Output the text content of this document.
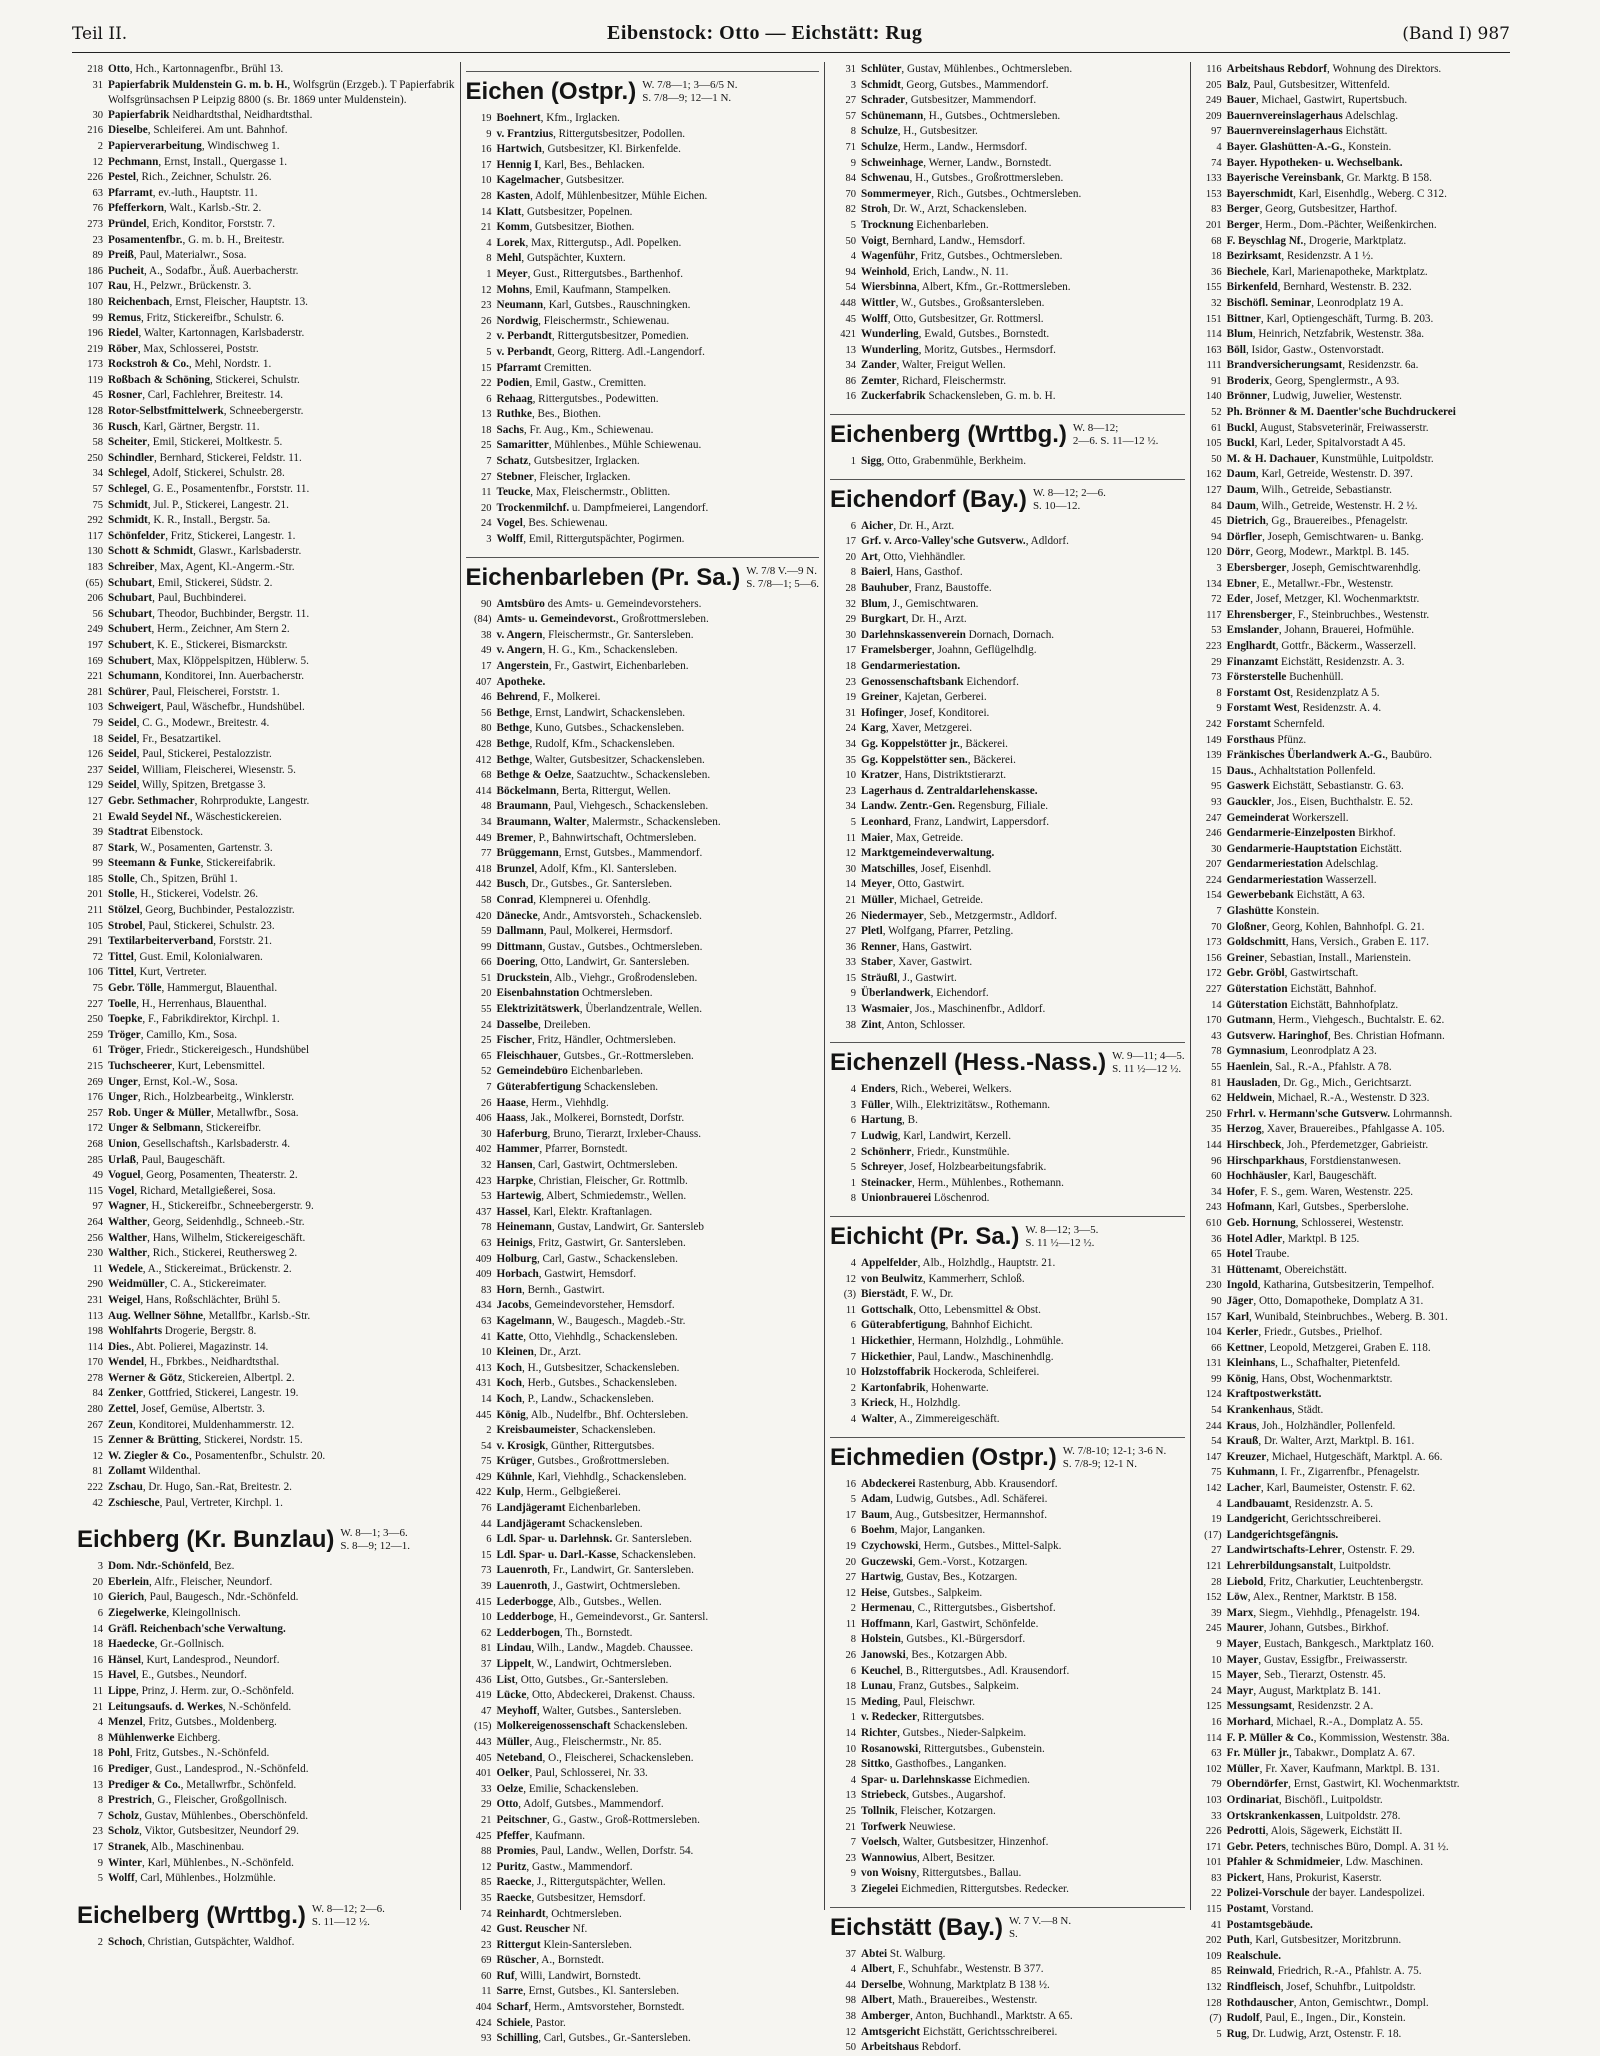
Teil II.	Eibenstock: Otto — Eichstätt: Rug	(Band I) 987
218 Otto, Hch., Kartonnagenfbr., Brühl 13.
31 Papierfabrik Muldenstein G. m. b. H., Wolfsgrün (Erzgeb.). T Papierfabrik
Wolfsgrünsachsen P Leipzig 8800 (s. Br. 1869 unter Muldenstein).
30 Papierfabrik Neidhardtsthal, Neidhardtsthal.
216 Dieselbe, Schleiferei. Am unt. Bahnhof.
2 Papierverarbeitung, Windischweg 1.
12 Pechmann, Ernst, Install., Quergasse 1.
226 Pestel, Rich., Zeichner, Schulstr. 26.
63 Pfarramt, ev.-luth., Hauptstr. 11.
76 Pfefferkorn, Walt., Karlsb.-Str. 2.
273 Pründel, Erich, Konditor, Forststr. 7.
23 Posamentenfbr., G. m. b. H., Breitestr.
89 Preiß, Paul, Materialwr., Sosa.
186 Pucheit, A., Sodafbr., Äuß. Auerbacherstr.
107 Rau, H., Pelzwr., Brückenstr. 3.
180 Reichenbach, Ernst, Fleischer, Hauptstr. 13.
99 Remus, Fritz, Stickereifbr., Schulstr. 6.
196 Riedel, Walter, Kartonnagen, Karlsbaderstr.
219 Röber, Max, Schlosserei, Poststr.
173 Rockstroh & Co., Mehl, Nordstr. 1.
119 Roßbach & Schöning, Stickerei, Schulstr.
45 Rosner, Carl, Fachlehrer, Breitestr. 14.
128 Rotor-Selbstfmittelwerk, Schneebergerstr.
36 Rusch, Karl, Gärtner, Bergstr. 11.
58 Scheiter, Emil, Stickerei, Moltkestr. 5.
250 Schindler, Bernhard, Stickerei, Feldstr. 11.
34 Schlegel, Adolf, Stickerei, Schulstr. 28.
57 Schlegel, G. E., Posamentenfbr., Forststr. 11.
75 Schmidt, Jul. P., Stickerei, Langestr. 21.
292 Schmidt, K. R., Install., Bergstr. 5a.
117 Schönfelder, Fritz, Stickerei, Langestr. 1.
130 Schott & Schmidt, Glaswr., Karlsbaderstr.
183 Schreiber, Max, Agent, Kl.-Angerm.-Str.
(65) Schubart, Emil, Stickerei, Südstr. 2.
206 Schubart, Paul, Buchbinderei.
56 Schubart, Theodor, Buchbinder, Bergstr. 11.
249 Schubert, Herm., Zeichner, Am Stern 2.
197 Schubert, K. E., Stickerei, Bismarckstr.
169 Schubert, Max, Klöppelspitzen, Hüblerw. 5.
221 Schumann, Konditorei, Inn. Auerbacherstr.
281 Schürer, Paul, Fleischerei, Forststr. 1.
103 Schweigert, Paul, Wäschefbr., Hundshübel.
79 Seidel, C. G., Modewr., Breitestr. 4.
18 Seidel, Fr., Besatzartikel.
126 Seidel, Paul, Stickerei, Pestalozzistr.
237 Seidel, William, Fleischerei, Wiesenstr. 5.
129 Seidel, Willy, Spitzen, Bretgasse 3.
127 Gebr. Sethmacher, Rohrprodukte, Langestr.
21 Ewald Seydel Nf., Wäschestickereien.
39 Stadtrat Eibenstock.
87 Stark, W., Posamenten, Gartenstr. 3.
99 Steemann & Funke, Stickereifabrik.
185 Stolle, Ch., Spitzen, Brühl 1.
201 Stolle, H., Stickerei, Vodelstr. 26.
211 Stölzel, Georg, Buchbinder, Pestalozzistr.
105 Strobel, Paul, Stickerei, Schulstr. 23.
291 Textilarbeiterverband, Forststr. 21.
72 Tittel, Gust. Emil, Kolonialwaren.
106 Tittel, Kurt, Vertreter.
75 Gebr. Tölle, Hammergut, Blauenthal.
227 Toelle, H., Herrenhaus, Blauenthal.
250 Toepke, F., Fabrikdirektor, Kirchpl. 1.
259 Tröger, Camillo, Km., Sosa.
61 Tröger, Friedr., Stickereigesch., Hundshübel
215 Tuchscheerer, Kurt, Lebensmittel.
269 Unger, Ernst, Kol.-W., Sosa.
176 Unger, Rich., Holzbearbeitg., Winklerstr.
257 Rob. Unger & Müller, Metallwfbr., Sosa.
172 Unger & Selbmann, Stickereifbr.
268 Union, Gesellschaftsh., Karlsbaderstr. 4.
285 Urlaß, Paul, Baugeschäft.
49 Voguel, Georg, Posamenten, Theaterstr. 2.
115 Vogel, Richard, Metallgießerei, Sosa.
97 Wagner, H., Stickereifbr., Schneebergerstr. 9.
264 Walther, Georg, Seidenhdlg., Schneeb.-Str.
256 Walther, Hans, Wilhelm, Stickereigeschäft.
230 Walther, Rich., Stickerei, Reuthersweg 2.
11 Wedele, A., Stickereimat., Brückenstr. 2.
290 Weidmüller, C. A., Stickereimater.
231 Weigel, Hans, Roßschlächter, Brühl 5.
113 Aug. Wellner Söhne, Metallfbr., Karlsb.-Str.
198 Wohlfahrts Drogerie, Bergstr. 8.
114 Dies., Abt. Polierei, Magazinstr. 14.
170 Wendel, H., Fbrkbes., Neidhardtsthal.
278 Werner & Götz, Stickereien, Albertpl. 2.
84 Zenker, Gottfried, Stickerei, Langestr. 19.
280 Zettel, Josef, Gemüse, Albertstr. 3.
267 Zeun, Konditorei, Muldenhammerstr. 12.
15 Zenner & Brütting, Stickerei, Nordstr. 15.
12 W. Ziegler & Co., Posamentenfbr., Schulstr. 20.
81 Zollamt Wildenthal.
222 Zschau, Dr. Hugo, San.-Rat, Breitestr. 2.
42 Zschiesche, Paul, Vertreter, Kirchpl. 1.
Eichberg (Kr. Bunzlau) W. 8—1; 3—6.
S. 8—9; 12—1.
3 Dom. Ndr.-Schönfeld, Bez.
20 Eberlein, Alfr., Fleischer, Neundorf.
10 Gierich, Paul, Baugesch., Ndr.-Schönfeld.
6 Ziegelwerke, Kleingollnisch.
14 Gräfl. Reichenbach'sche Verwaltung.
18 Haedecke, Gr.-Gollnisch.
16 Hänsel, Kurt, Landesprod., Neundorf.
15 Havel, E., Gutsbes., Neundorf.
11 Lippe, Prinz, J. Herm. zur, O.-Schönfeld.
21 Leitungsaufs. d. Werkes, N.-Schönfeld.
4 Menzel, Fritz, Gutsbes., Moldenberg.
8 Mühlenwerke Eichberg.
18 Pohl, Fritz, Gutsbes., N.-Schönfeld.
16 Prediger, Gust., Landesprod., N.-Schönfeld.
13 Prediger & Co., Metallwrfbr., Schönfeld.
8 Prestrich, G., Fleischer, Großgollnisch.
7 Scholz, Gustav, Mühlenbes., Oberschönfeld.
23 Scholz, Viktor, Gutsbesitzer, Neundorf 29.
17 Stranek, Alb., Maschinenbau.
9 Winter, Karl, Mühlenbes., N.-Schönfeld.
5 Wolff, Carl, Mühlenbes., Holzmühle.
Eichelberg (Wrttbg.) W. 8—12; 2—6.
S. 11—12 ½.
2 Schoch, Christian, Gutspächter, Waldhof.
Eichen (Ostpr.) W. 7/8—1; 3—6/5 N.
S. 7/8—9; 12—1 N.
19 Boehnert, Kfm., Irglacken.
9 v. Frantzius, Rittergutsbesitzer, Podollen.
16 Hartwich, Gutsbesitzer, Kl. Birkenfelde.
17 Hennig I, Karl, Bes., Behlacken.
10 Kagelmacher, Gutsbesitzer.
28 Kasten, Adolf, Mühlenbesitzer, Mühle Eichen.
14 Klatt, Gutsbesitzer, Popelnen.
21 Komm, Gutsbesitzer, Biothen.
4 Lorek, Max, Rittergutsp., Adl. Popelken.
8 Mehl, Gutspächter, Kuxtern.
1 Meyer, Gust., Rittergutsbes., Barthenhof.
12 Mohns, Emil, Kaufmann, Stampelken.
23 Neumann, Karl, Gutsbes., Rauschningken.
26 Nordwig, Fleischermstr., Schiewenau.
2 v. Perbandt, Rittergutsbesitzer, Pomedien.
5 v. Perbandt, Georg, Ritterg. Adl.-Langendorf.
15 Pfarramt Cremitten.
22 Podien, Emil, Gastw., Cremitten.
6 Rehaag, Rittergutsbes., Podewitten.
13 Ruthke, Bes., Biothen.
18 Sachs, Fr. Aug., Km., Schiewenau.
25 Samaritter, Mühlenbes., Mühle Schiewenau.
7 Schatz, Gutsbesitzer, Irglacken.
27 Stebner, Fleischer, Irglacken.
11 Teucke, Max, Fleischermstr., Oblitten.
20 Trockenmilchf. u. Dampfmeierei, Langendorf.
24 Vogel, Bes. Schiewenau.
3 Wolff, Emil, Rittergutspächter, Pogirmen.
Eichenbarleben (Pr. Sa.) W. 7/8 V.—9 N.
S. 7/8—1; 5—6.
90 Amtsbüro des Amts- u. Gemeindevorstehers.
(84) Amts- u. Gemeindevorst., Großrottmersleben.
38 v. Angern, Fleischermstr., Gr. Santersleben.
49 v. Angern, H. G., Km., Schackensleben.
17 Angerstein, Fr., Gastwirt, Eichenbarleben.
407 Apotheke.
46 Behrend, F., Molkerei.
56 Bethge, Ernst, Landwirt, Schackensleben.
80 Bethge, Kuno, Gutsbes., Schackensleben.
428 Bethge, Rudolf, Kfm., Schackensleben.
412 Bethge, Walter, Gutsbesitzer, Schackensleben.
68 Bethge & Oelze, Saatzuchtw., Schackensleben.
414 Böckelmann, Berta, Rittergut, Wellen.
48 Braumann, Paul, Viehgesch., Schackensleben.
34 Braumann, Walter, Malermstr., Schackensleben.
449 Bremer, P., Bahnwirtschaft, Ochtmersleben.
77 Brüggemann, Ernst, Gutsbes., Mammendorf.
418 Brunzel, Adolf, Kfm., Kl. Santersleben.
442 Busch, Dr., Gutsbes., Gr. Santersleben.
58 Conrad, Klempnerei u. Ofenhdlg.
420 Dänecke, Andr., Amtsvorsteh., Schackensleb.
59 Dallmann, Paul, Molkerei, Hermsdorf.
99 Dittmann, Gustav., Gutsbes., Ochtmersleben.
66 Doering, Otto, Landwirt, Gr. Santersleben.
51 Druckstein, Alb., Viehgr., Großrodensleben.
20 Eisenbahnstation Ochtmersleben.
55 Elektrizitätswerk, Überlandzentrale, Wellen.
24 Dasselbe, Dreileben.
25 Fischer, Fritz, Händler, Ochtmersleben.
65 Fleischhauer, Gutsbes., Gr.-Rottmersleben.
52 Gemeindebüro Eichenbarleben.
7 Güterabfertigung Schackensleben.
26 Haase, Herm., Viehhdlg.
406 Haass, Jak., Molkerei, Bornstedt, Dorfstr.
30 Haferburg, Bruno, Tierarzt, Irxleber-Chauss.
402 Hammer, Pfarrer, Bornstedt.
32 Hansen, Carl, Gastwirt, Ochtmersleben.
423 Harpke, Christian, Fleischer, Gr. Rottmlb.
53 Hartewig, Albert, Schmiedemstr., Wellen.
437 Hassel, Karl, Elektr. Kraftanlagen.
78 Heinemann, Gustav, Landwirt, Gr. Santersleb
63 Heinigs, Fritz, Gastwirt, Gr. Santersleben.
409 Holburg, Carl, Gastw., Schackensleben.
409 Horbach, Gastwirt, Hemsdorf.
83 Horn, Bernh., Gastwirt.
434 Jacobs, Gemeindevorsteher, Hemsdorf.
63 Kagelmann, W., Baugesch., Magdeb.-Str.
41 Katte, Otto, Viehhdlg., Schackensleben.
10 Kleinen, Dr., Arzt.
413 Koch, H., Gutsbesitzer, Schackensleben.
431 Koch, Herb., Gutsbes., Schackensleben.
14 Koch, P., Landw., Schackensleben.
445 König, Alb., Nudelfbr., Bhf. Ochtersleben.
2 Kreisbaumeister, Schackensleben.
54 v. Krosigk, Günther, Rittergutsbes.
75 Krüger, Gutsbes., Großrottmersleben.
429 Kühnle, Karl, Viehhdlg., Schackensleben.
422 Kulp, Herm., Gelbgießerei.
76 Landjägeramt Eichenbarleben.
44 Landjägeramt Schackensleben.
6 Ldl. Spar- u. Darlehnsk. Gr. Santersleben.
15 Ldl. Spar- u. Darl.-Kasse, Schackensleben.
73 Lauenroth, Fr., Landwirt, Gr. Santersleben.
39 Lauenroth, J., Gastwirt, Ochtmersleben.
415 Lederbogge, Alb., Gutsbes., Wellen.
10 Ledderboge, H., Gemeindevorst., Gr. Santersl.
62 Ledderbogen, Th., Bornstedt.
81 Lindau, Wilh., Landw., Magdeb. Chaussee.
37 Lippelt, W., Landwirt, Ochtmersleben.
436 List, Otto, Gutsbes., Gr.-Santersleben.
419 Lücke, Otto, Abdeckerei, Drakenst. Chauss.
47 Meyhoff, Walter, Gutsbes., Santersleben.
(15) Molkereigenossenschaft Schackensleben.
443 Müller, Aug., Fleischermstr., Nr. 85.
405 Neteband, O., Fleischerei, Schackensleben.
401 Oelker, Paul, Schlosserei, Nr. 33.
33 Oelze, Emilie, Schackensleben.
29 Otto, Adolf, Gutsbes., Mammendorf.
21 Peitschner, G., Gastw., Groß-Rottmersleben.
425 Pfeffer, Kaufmann.
88 Promies, Paul, Landw., Wellen, Dorfstr. 54.
12 Puritz, Gastw., Mammendorf.
85 Raecke, J., Rittergutspächter, Wellen.
35 Raecke, Gutsbesitzer, Hemsdorf.
74 Reinhardt, Ochtmersleben.
42 Gust. Reuscher Nf.
23 Rittergut Klein-Santersleben.
69 Rüscher, A., Bornstedt.
60 Ruf, Willi, Landwirt, Bornstedt.
11 Sarre, Ernst, Gutsbes., Kl. Santersleben.
404 Scharf, Herm., Amtsvorsteher, Bornstedt.
424 Schiele, Pastor.
93 Schilling, Carl, Gutsbes., Gr.-Santersleben.
31 Schlüter, Gustav, Mühlenbes., Ochtmersleben.
3 Schmidt, Georg, Gutsbes., Mammendorf.
27 Schrader, Gutsbesitzer, Mammendorf.
57 Schünemann, H., Gutsbes., Ochtmersleben.
8 Schulze, H., Gutsbesitzer.
71 Schulze, Herm., Landw., Hermsdorf.
9 Schweinhage, Werner, Landw., Bornstedt.
84 Schwenau, H., Gutsbes., Großrottmersleben.
70 Sommermeyer, Rich., Gutsbes., Ochtmersleben.
82 Stroh, Dr. W., Arzt, Schackensleben.
5 Trocknung Eichenbarleben.
50 Voigt, Bernhard, Landw., Hemsdorf.
4 Wagenführ, Fritz, Gutsbes., Ochtmersleben.
94 Weinhold, Erich, Landw., N. 11.
54 Wiersbinna, Albert, Kfm., Gr.-Rottmersleben.
448 Wittler, W., Gutsbes., Großsantersleben.
45 Wolff, Otto, Gutsbesitzer, Gr. Rottmersl.
421 Wunderling, Ewald, Gutsbes., Bornstedt.
13 Wunderling, Moritz, Gutsbes., Hermsdorf.
34 Zander, Walter, Freigut Wellen.
86 Zemter, Richard, Fleischermstr.
16 Zuckerfabrik Schackensleben, G. m. b. H.
Eichenberg (Wrttbg.) W. 8—12;
2—6. S. 11—12 ½.
1 Sigg, Otto, Grabenmühle, Berkheim.
Eichendorf (Bay.) W. 8—12; 2—6.
S. 10—12.
6 Aicher, Dr. H., Arzt.
17 Grf. v. Arco-Valley'sche Gutsverw., Adldorf.
20 Art, Otto, Viehhändler.
8 Baierl, Hans, Gasthof.
28 Bauhuber, Franz, Baustoffe.
32 Blum, J., Gemischtwaren.
29 Burgkart, Dr. H., Arzt.
30 Darlehnskassenverein Dornach, Dornach.
17 Framelsberger, Joahnn, Geflügelhdlg.
18 Gendarmeriestation.
23 Genossenschaftsbank Eichendorf.
19 Greiner, Kajetan, Gerberei.
31 Hofinger, Josef, Konditorei.
24 Karg, Xaver, Metzgerei.
34 Gg. Koppelstötter jr., Bäckerei.
35 Gg. Koppelstötter sen., Bäckerei.
10 Kratzer, Hans, Distriktstierarzt.
23 Lagerhaus d. Zentraldarlehenskasse.
34 Landw. Zentr.-Gen. Regensburg, Filiale.
5 Leonhard, Franz, Landwirt, Lappersdorf.
11 Maier, Max, Getreide.
12 Marktgemeindeverwaltung.
30 Matschilles, Josef, Eisenhdl.
14 Meyer, Otto, Gastwirt.
21 Müller, Michael, Getreide.
26 Niedermayer, Seb., Metzgermstr., Adldorf.
27 Pletl, Wolfgang, Pfarrer, Petzling.
36 Renner, Hans, Gastwirt.
33 Staber, Xaver, Gastwirt.
15 Sträußl, J., Gastwirt.
9 Überlandwerk, Eichendorf.
13 Wasmaier, Jos., Maschinenfbr., Adldorf.
38 Zint, Anton, Schlosser.
Eichenzell (Hess.-Nass.) W. 9—11; 4—5.
S. 11 ½—12 ½.
4 Enders, Rich., Weberei, Welkers.
3 Füller, Wilh., Elektrizitätsw., Rothemann.
6 Hartung, B.
7 Ludwig, Karl, Landwirt, Kerzell.
2 Schönherr, Friedr., Kunstmühle.
5 Schreyer, Josef, Holzbearbeitungsfabrik.
1 Steinacker, Herm., Mühlenbes., Rothemann.
8 Unionbrauerei Löschenrod.
Eichicht (Pr. Sa.) W. 8—12; 3—5.
S. 11 ½—12 ½.
4 Appelfelder, Alb., Holzhdlg., Hauptstr. 21.
12 von Beulwitz, Kammerherr, Schloß.
(3) Bierstädt, F. W., Dr.
11 Gottschalk, Otto, Lebensmittel & Obst.
6 Güterabfertigung, Bahnhof Eichicht.
1 Hickethier, Hermann, Holzhdlg., Lohmühle.
7 Hickethier, Paul, Landw., Maschinenhdlg.
10 Holzstoffabrik Hockeroda, Schleiferei.
2 Kartonfabrik, Hohenwarte.
3 Krieck, H., Holzhdlg.
4 Walter, A., Zimmereigeschäft.
Eichmedien (Ostpr.) W. 7/8-10; 12-1; 3-6 N.
S. 7/8-9; 12-1 N.
16 Abdeckerei Rastenburg, Abb. Krausendorf.
5 Adam, Ludwig, Gutsbes., Adl. Schäferei.
17 Baum, Aug., Gutsbesitzer, Hermannshof.
6 Boehm, Major, Langanken.
19 Czychowski, Herm., Gutsbes., Mittel-Salpk.
20 Guczewski, Gem.-Vorst., Kotzargen.
27 Hartwig, Gustav, Bes., Kotzargen.
12 Heise, Gutsbes., Salpkeim.
2 Hermenau, C., Rittergutsbes., Gisbertshof.
11 Hoffmann, Karl, Gastwirt, Schönfelde.
8 Holstein, Gutsbes., Kl.-Bürgersdorf.
26 Janowski, Bes., Kotzargen Abb.
6 Keuchel, B., Rittergutsbes., Adl. Krausendorf.
18 Lunau, Franz, Gutsbes., Salpkeim.
15 Meding, Paul, Fleischwr.
1 v. Redecker, Rittergutsbes.
14 Richter, Gutsbes., Nieder-Salpkeim.
10 Rosanowski, Rittergutsbes., Gubenstein.
28 Sittko, Gasthofbes., Langanken.
4 Spar- u. Darlehnskasse Eichmedien.
13 Striebeck, Gutsbes., Augarshof.
25 Tollnik, Fleischer, Kotzargen.
21 Torfwerk Neuwiese.
7 Voelsch, Walter, Gutsbesitzer, Hinzenhof.
23 Wannowius, Albert, Besitzer.
9 von Woisny, Rittergutsbes., Ballau.
3 Ziegelei Eichmedien, Rittergutsbes. Redecker.
Eichstätt (Bay.) W. 7 V.—8 N.
S.
37 Abtei St. Walburg.
4 Albert, F., Schuhfabr., Westenstr. B 377.
44 Derselbe, Wohnung, Marktplatz B 138 ½.
98 Albert, Math., Brauereibes., Westenstr.
38 Amberger, Anton, Buchhandl., Marktstr. A 65.
12 Amtsgericht Eichstätt, Gerichtsschreiberei.
50 Arbeitshaus Rebdorf.
116 Arbeitshaus Rebdorf, Wohnung des Direktors.
205 Balz, Paul, Gutsbesitzer, Wittenfeld.
249 Bauer, Michael, Gastwirt, Rupertsbuch.
209 Bauernvereinslagerhaus Adelschlag.
97 Bauernvereinslagerhaus Eichstätt.
4 Bayer. Glashütten-A.-G., Konstein.
74 Bayer. Hypotheken- u. Wechselbank.
133 Bayerische Vereinsbank, Gr. Marktg. B 158.
153 Bayerschmidt, Karl, Eisenhdlg., Weberg. C 312.
83 Berger, Georg, Gutsbesitzer, Harthof.
201 Berger, Herm., Dom.-Pächter, Weißenkirchen.
68 F. Beyschlag Nf., Drogerie, Marktplatz.
18 Bezirksamt, Residenzstr. A 1 ½.
36 Biechele, Karl, Marienapotheke, Marktplatz.
155 Birkenfeld, Bernhard, Westenstr. B. 232.
32 Bischöfl. Seminar, Leonrodplatz 19 A.
151 Bittner, Karl, Optiengeschäft, Turmg. B. 203.
114 Blum, Heinrich, Netzfabrik, Westenstr. 38a.
163 Böll, Isidor, Gastw., Ostenvorstadt.
111 Brandversicherungsamt, Residenzstr. 6a.
91 Broderix, Georg, Spenglermstr., A 93.
140 Brönner, Ludwig, Juwelier, Westenstr.
52 Ph. Brönner & M. Daentler'sche Buchdruckerei
61 Buckl, August, Stabsveterinär, Freiwasserstr.
105 Buckl, Karl, Leder, Spitalvorstadt A 45.
50 M. & H. Dachauer, Kunstmühle, Luitpoldstr.
162 Daum, Karl, Getreide, Westenstr. D. 397.
127 Daum, Wilh., Getreide, Sebastianstr.
84 Daum, Wilh., Getreide, Westenstr. H. 2 ½.
45 Dietrich, Gg., Brauereibes., Pfenagelstr.
94 Dörfler, Joseph, Gemischtwaren- u. Bankg.
120 Dörr, Georg, Modewr., Marktpl. B. 145.
3 Ebersberger, Joseph, Gemischtwarenhdlg.
134 Ebner, E., Metallwr.-Fbr., Westenstr.
72 Eder, Josef, Metzger, Kl. Wochenmarktstr.
117 Ehrensberger, F., Steinbruchbes., Westenstr.
53 Emslander, Johann, Brauerei, Hofmühle.
223 Englhardt, Gottfr., Bäckerm., Wasserzell.
29 Finanzamt Eichstätt, Residenzstr. A. 3.
73 Försterstelle Buchenhüll.
8 Forstamt Ost, Residenzplatz A 5.
9 Forstamt West, Residenzstr. A. 4.
242 Forstamt Schernfeld.
149 Forsthaus Pfünz.
139 Fränkisches Überlandwerk A.-G., Baubüro.
15 Daus., Achhaltstation Pollenfeld.
95 Gaswerk Eichstätt, Sebastianstr. G. 63.
93 Gauckler, Jos., Eisen, Buchthalstr. E. 52.
247 Gemeinderat Workerszell.
246 Gendarmerie-Einzelposten Birkhof.
30 Gendarmerie-Hauptstation Eichstätt.
207 Gendarmeriestation Adelschlag.
224 Gendarmeriestation Wasserzell.
154 Gewerbebank Eichstätt, A 63.
7 Glashütte Konstein.
70 Gloßner, Georg, Kohlen, Bahnhofpl. G. 21.
173 Goldschmitt, Hans, Versich., Graben E. 117.
156 Greiner, Sebastian, Install., Marienstein.
172 Gebr. Gröbl, Gastwirtschaft.
227 Güterstation Eichstätt, Bahnhof.
14 Güterstation Eichstätt, Bahnhofplatz.
170 Gutmann, Herm., Viehgesch., Buchtalstr. E. 62.
43 Gutsverw. Haringhof, Bes. Christian Hofmann.
78 Gymnasium, Leonrodplatz A 23.
55 Haenlein, Sal., R.-A., Pfahlstr. A 78.
81 Hausladen, Dr. Gg., Mich., Gerichtsarzt.
62 Heldwein, Michael, R.-A., Westenstr. D 323.
250 Frhrl. v. Hermann'sche Gutsverw. Lohrmannsh.
35 Herzog, Xaver, Brauereibes., Pfahlgasse A. 105.
144 Hirschbeck, Joh., Pferdemetzger, Gabrieistr.
96 Hirschparkhaus, Forstdienstanwesen.
60 Hochhäusler, Karl, Baugeschäft.
34 Hofer, F. S., gem. Waren, Westenstr. 225.
243 Hofmann, Karl, Gutsbes., Sperberslohe.
610 Geb. Hornung, Schlosserei, Westenstr.
36 Hotel Adler, Marktpl. B 125.
65 Hotel Traube.
31 Hüttenamt, Obereichstätt.
230 Ingold, Katharina, Gutsbesitzerin, Tempelhof.
90 Jäger, Otto, Domapotheke, Domplatz A 31.
157 Karl, Wunibald, Steinbruchbes., Weberg. B. 301.
104 Kerler, Friedr., Gutsbes., Prielhof.
66 Kettner, Leopold, Metzgerei, Graben E. 118.
131 Kleinhans, L., Schafhalter, Pietenfeld.
99 König, Hans, Obst, Wochenmarktstr.
124 Kraftpostwerkstätt.
54 Krankenhaus, Städt.
244 Kraus, Joh., Holzhändler, Pollenfeld.
54 Krauß, Dr. Walter, Arzt, Marktpl. B. 161.
147 Kreuzer, Michael, Hutgeschäft, Marktpl. A. 66.
75 Kuhmann, I. Fr., Zigarrenfbr., Pfenagelstr.
142 Lacher, Karl, Baumeister, Ostenstr. F. 62.
4 Landbauamt, Residenzstr. A. 5.
19 Landgericht, Gerichtsschreiberei.
(17) Landgerichtsgefängnis.
27 Landwirtschafts-Lehrer, Ostenstr. F. 29.
121 Lehrerbildungsanstalt, Luitpoldstr.
28 Liebold, Fritz, Charkutier, Leuchtenbergstr.
152 Löw, Alex., Rentner, Marktstr. B 158.
39 Marx, Siegm., Viehhdlg., Pfenagelstr. 194.
245 Maurer, Johann, Gutsbes., Birkhof.
9 Mayer, Eustach, Bankgesch., Marktplatz 160.
10 Mayer, Gustav, Essigfbr., Freiwasserstr.
15 Mayer, Seb., Tierarzt, Ostenstr. 45.
24 Mayr, August, Marktplatz B. 141.
125 Messungsamt, Residenzstr. 2 A.
16 Morhard, Michael, R.-A., Domplatz A. 55.
114 F. P. Müller & Co., Kommission, Westenstr. 38a.
63 Fr. Müller jr., Tabakwr., Domplatz A. 67.
102 Müller, Fr. Xaver, Kaufmann, Marktpl. B. 131.
79 Oberndörfer, Ernst, Gastwirt, Kl. Wochenmarktstr.
103 Ordinariat, Bischöfl., Luitpoldstr.
33 Ortskrankenkassen, Luitpoldstr. 278.
226 Pedrotti, Alois, Sägewerk, Eichstätt II.
171 Gebr. Peters, technisches Büro, Dompl. A. 31 ½.
101 Pfahler & Schmidmeier, Ldw. Maschinen.
83 Pickert, Hans, Prokurist, Kaserstr.
22 Polizei-Vorschule der bayer. Landespolizei.
115 Postamt, Vorstand.
41 Postamtsgebäude.
202 Puth, Karl, Gutsbesitzer, Moritzbrunn.
109 Realschule.
85 Reinwald, Friedrich, R.-A., Pfahlstr. A. 75.
132 Rindfleisch, Josef, Schuhfbr., Luitpoldstr.
128 Rothdauscher, Anton, Gemischtwr., Dompl.
(7) Rudolf, Paul, E., Ingen., Dir., Konstein.
5 Rug, Dr. Ludwig, Arzt, Ostenstr. F. 18.
